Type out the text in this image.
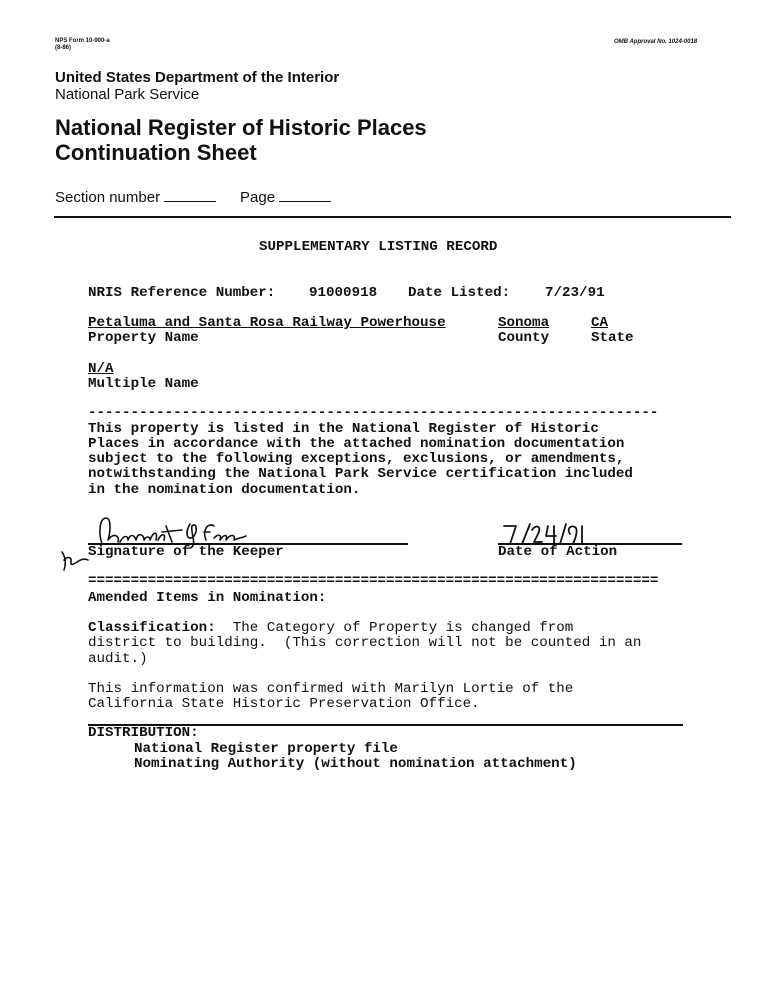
NPS Form 10-900-a
(8-86)
OMB Approval No. 1024-0018
United States Department of the Interior
National Park Service
National Register of Historic Places
Continuation Sheet
Section number	Page
SUPPLEMENTARY LISTING RECORD
NRIS Reference Number: 91000918 Date Listed: 7/23/91
Petaluma and Santa Rosa Railway Powerhouse	Sonoma	CA
Property Name	County	State
N/A
Multiple Name
-------------------------------------------------------------------
This property is listed in the National Register of Historic
Places in accordance with the attached nomination documentation
subject to the following exceptions, exclusions, or amendments,
notwithstanding the National Park Service certification included
in the nomination documentation.
Signature of the Keeper	Date of Action
===================================================================
Amended Items in Nomination:
Classification:  The Category of Property is changed from
district to building.  (This correction will not be counted in an
audit.)
This information was confirmed with Marilyn Lortie of the
California State Historic Preservation Office.
DISTRIBUTION:
National Register property file
Nominating Authority (without nomination attachment)
